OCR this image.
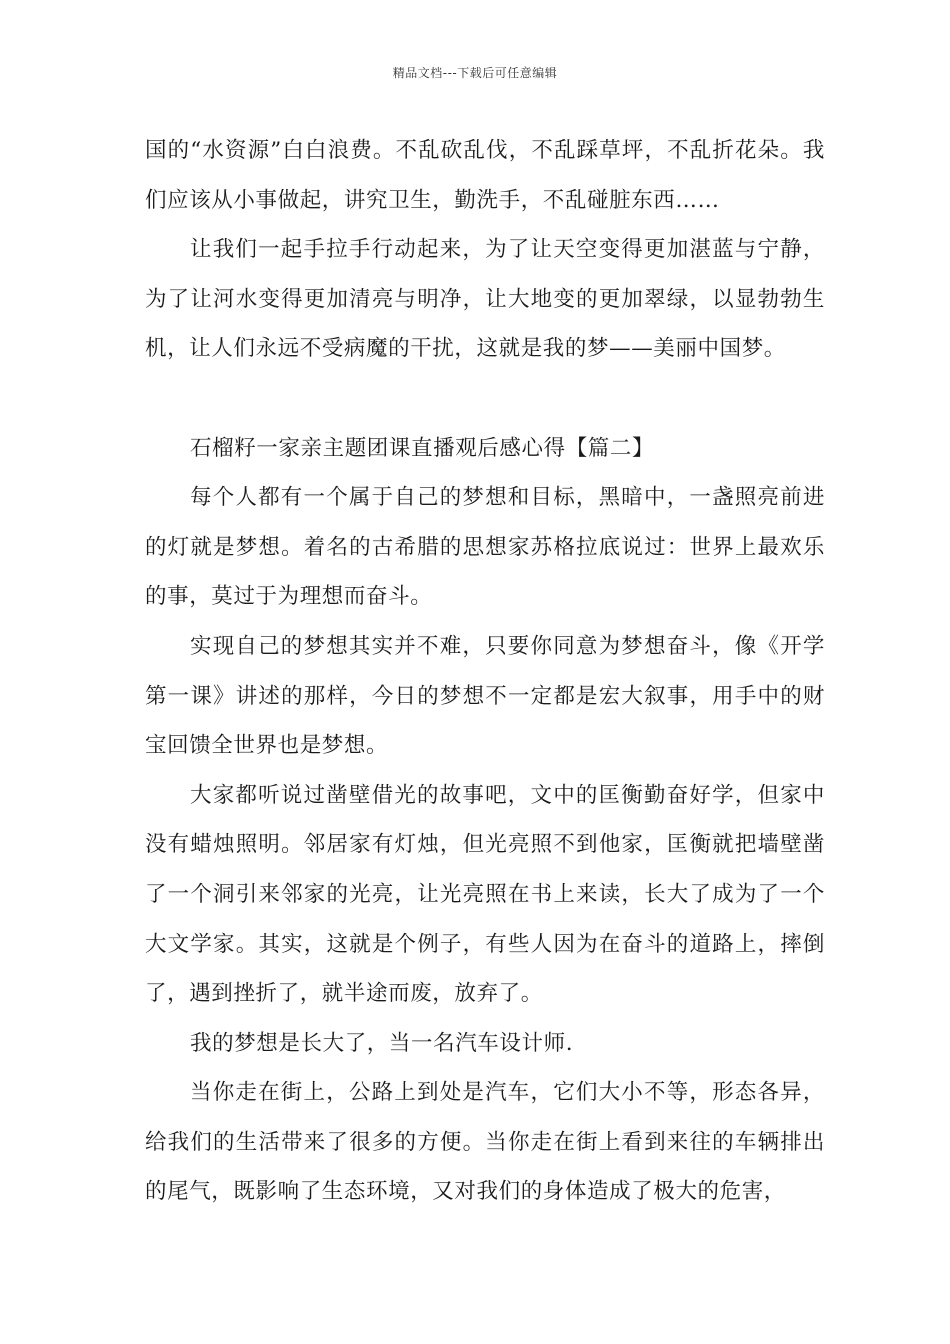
精品文档---下载后可任意编辑

国的“水资源”白白浪费。不乱砍乱伐，不乱踩草坪，不乱折花朵。我们应该从小事做起，讲究卫生，勤洗手，不乱碰脏东西……

让我们一起手拉手行动起来，为了让天空变得更加湛蓝与宁静，为了让河水变得更加清亮与明净，让大地变的更加翠绿，以显勃勃生机，让人们永远不受病魔的干扰，这就是我的梦——美丽中国梦。

石榴籽一家亲主题团课直播观后感心得【篇二】

每个人都有一个属于自己的梦想和目标，黑暗中，一盏照亮前进的灯就是梦想。着名的古希腊的思想家苏格拉底说过：世界上最欢乐的事，莫过于为理想而奋斗。

实现自己的梦想其实并不难，只要你同意为梦想奋斗，像《开学第一课》讲述的那样，今日的梦想不一定都是宏大叙事，用手中的财宝回馈全世界也是梦想。

大家都听说过凿壁借光的故事吧，文中的匡衡勤奋好学，但家中没有蜡烛照明。邻居家有灯烛，但光亮照不到他家，匡衡就把墙壁凿了一个洞引来邻家的光亮，让光亮照在书上来读，长大了成为了一个大文学家。其实，这就是个例子，有些人因为在奋斗的道路上，摔倒了，遇到挫折了，就半途而废，放弃了。

我的梦想是长大了，当一名汽车设计师.

当你走在街上，公路上到处是汽车，它们大小不等，形态各异，给我们的生活带来了很多的方便。当你走在街上看到来往的车辆排出的尾气，既影响了生态环境，又对我们的身体造成了极大的危害，
